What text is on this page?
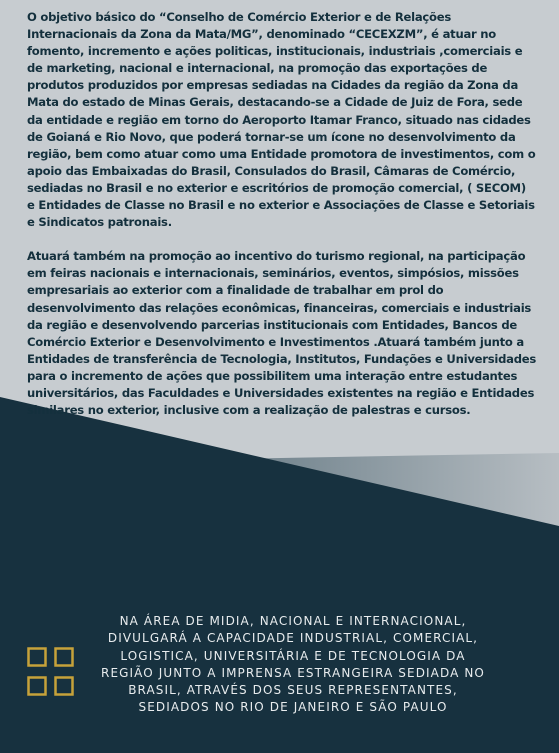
O objetivo básico do “Conselho de Comércio Exterior e de Relações Internacionais da Zona da Mata/MG”, denominado “CECEXZM”, é atuar no fomento, incremento e ações politicas, institucionais, industriais ,comerciais e de marketing, nacional e internacional, na promoção das exportações de produtos produzidos por empresas sediadas na Cidades da região da Zona da Mata do estado de Minas Gerais, destacando-se a Cidade de Juiz de Fora, sede da entidade e região em torno do Aeroporto Itamar Franco, situado nas cidades de Goianá e Rio Novo, que poderá tornar-se um ícone no desenvolvimento da região, bem como atuar como uma Entidade promotora de investimentos, com o apoio das Embaixadas do Brasil, Consulados do Brasil, Câmaras de Comércio, sediadas no Brasil e no exterior e escritórios de promoção comercial, ( SECOM) e Entidades de Classe no Brasil e no exterior e Associações de Classe e Setoriais e Sindicatos patronais.

Atuará também na promoção ao incentivo do turismo regional, na participação em feiras nacionais e internacionais, seminários, eventos, simpósios, missões empresariais ao exterior com a finalidade de trabalhar em prol do desenvolvimento das relações econômicas, financeiras, comerciais e industriais da região e desenvolvendo parcerias institucionais com Entidades, Bancos de Comércio Exterior e Desenvolvimento e Investimentos .Atuará também junto a Entidades de transferência de Tecnologia, Institutos, Fundações e Universidades para o incremento de ações que possibilitem uma interação entre estudantes universitários, das Faculdades e Universidades existentes na região e Entidades similares no exterior, inclusive com a realização de palestras e cursos.

NA ÁREA DE MIDIA, NACIONAL E INTERNACIONAL,
DIVULGARÁ A CAPACIDADE INDUSTRIAL, COMERCIAL,
LOGISTICA, UNIVERSITÁRIA E DE TECNOLOGIA DA
REGIÃO JUNTO A IMPRENSA ESTRANGEIRA SEDIADA NO
BRASIL, ATRAVÉS DOS SEUS REPRESENTANTES,
SEDIADOS NO RIO DE JANEIRO E SÃO PAULO
